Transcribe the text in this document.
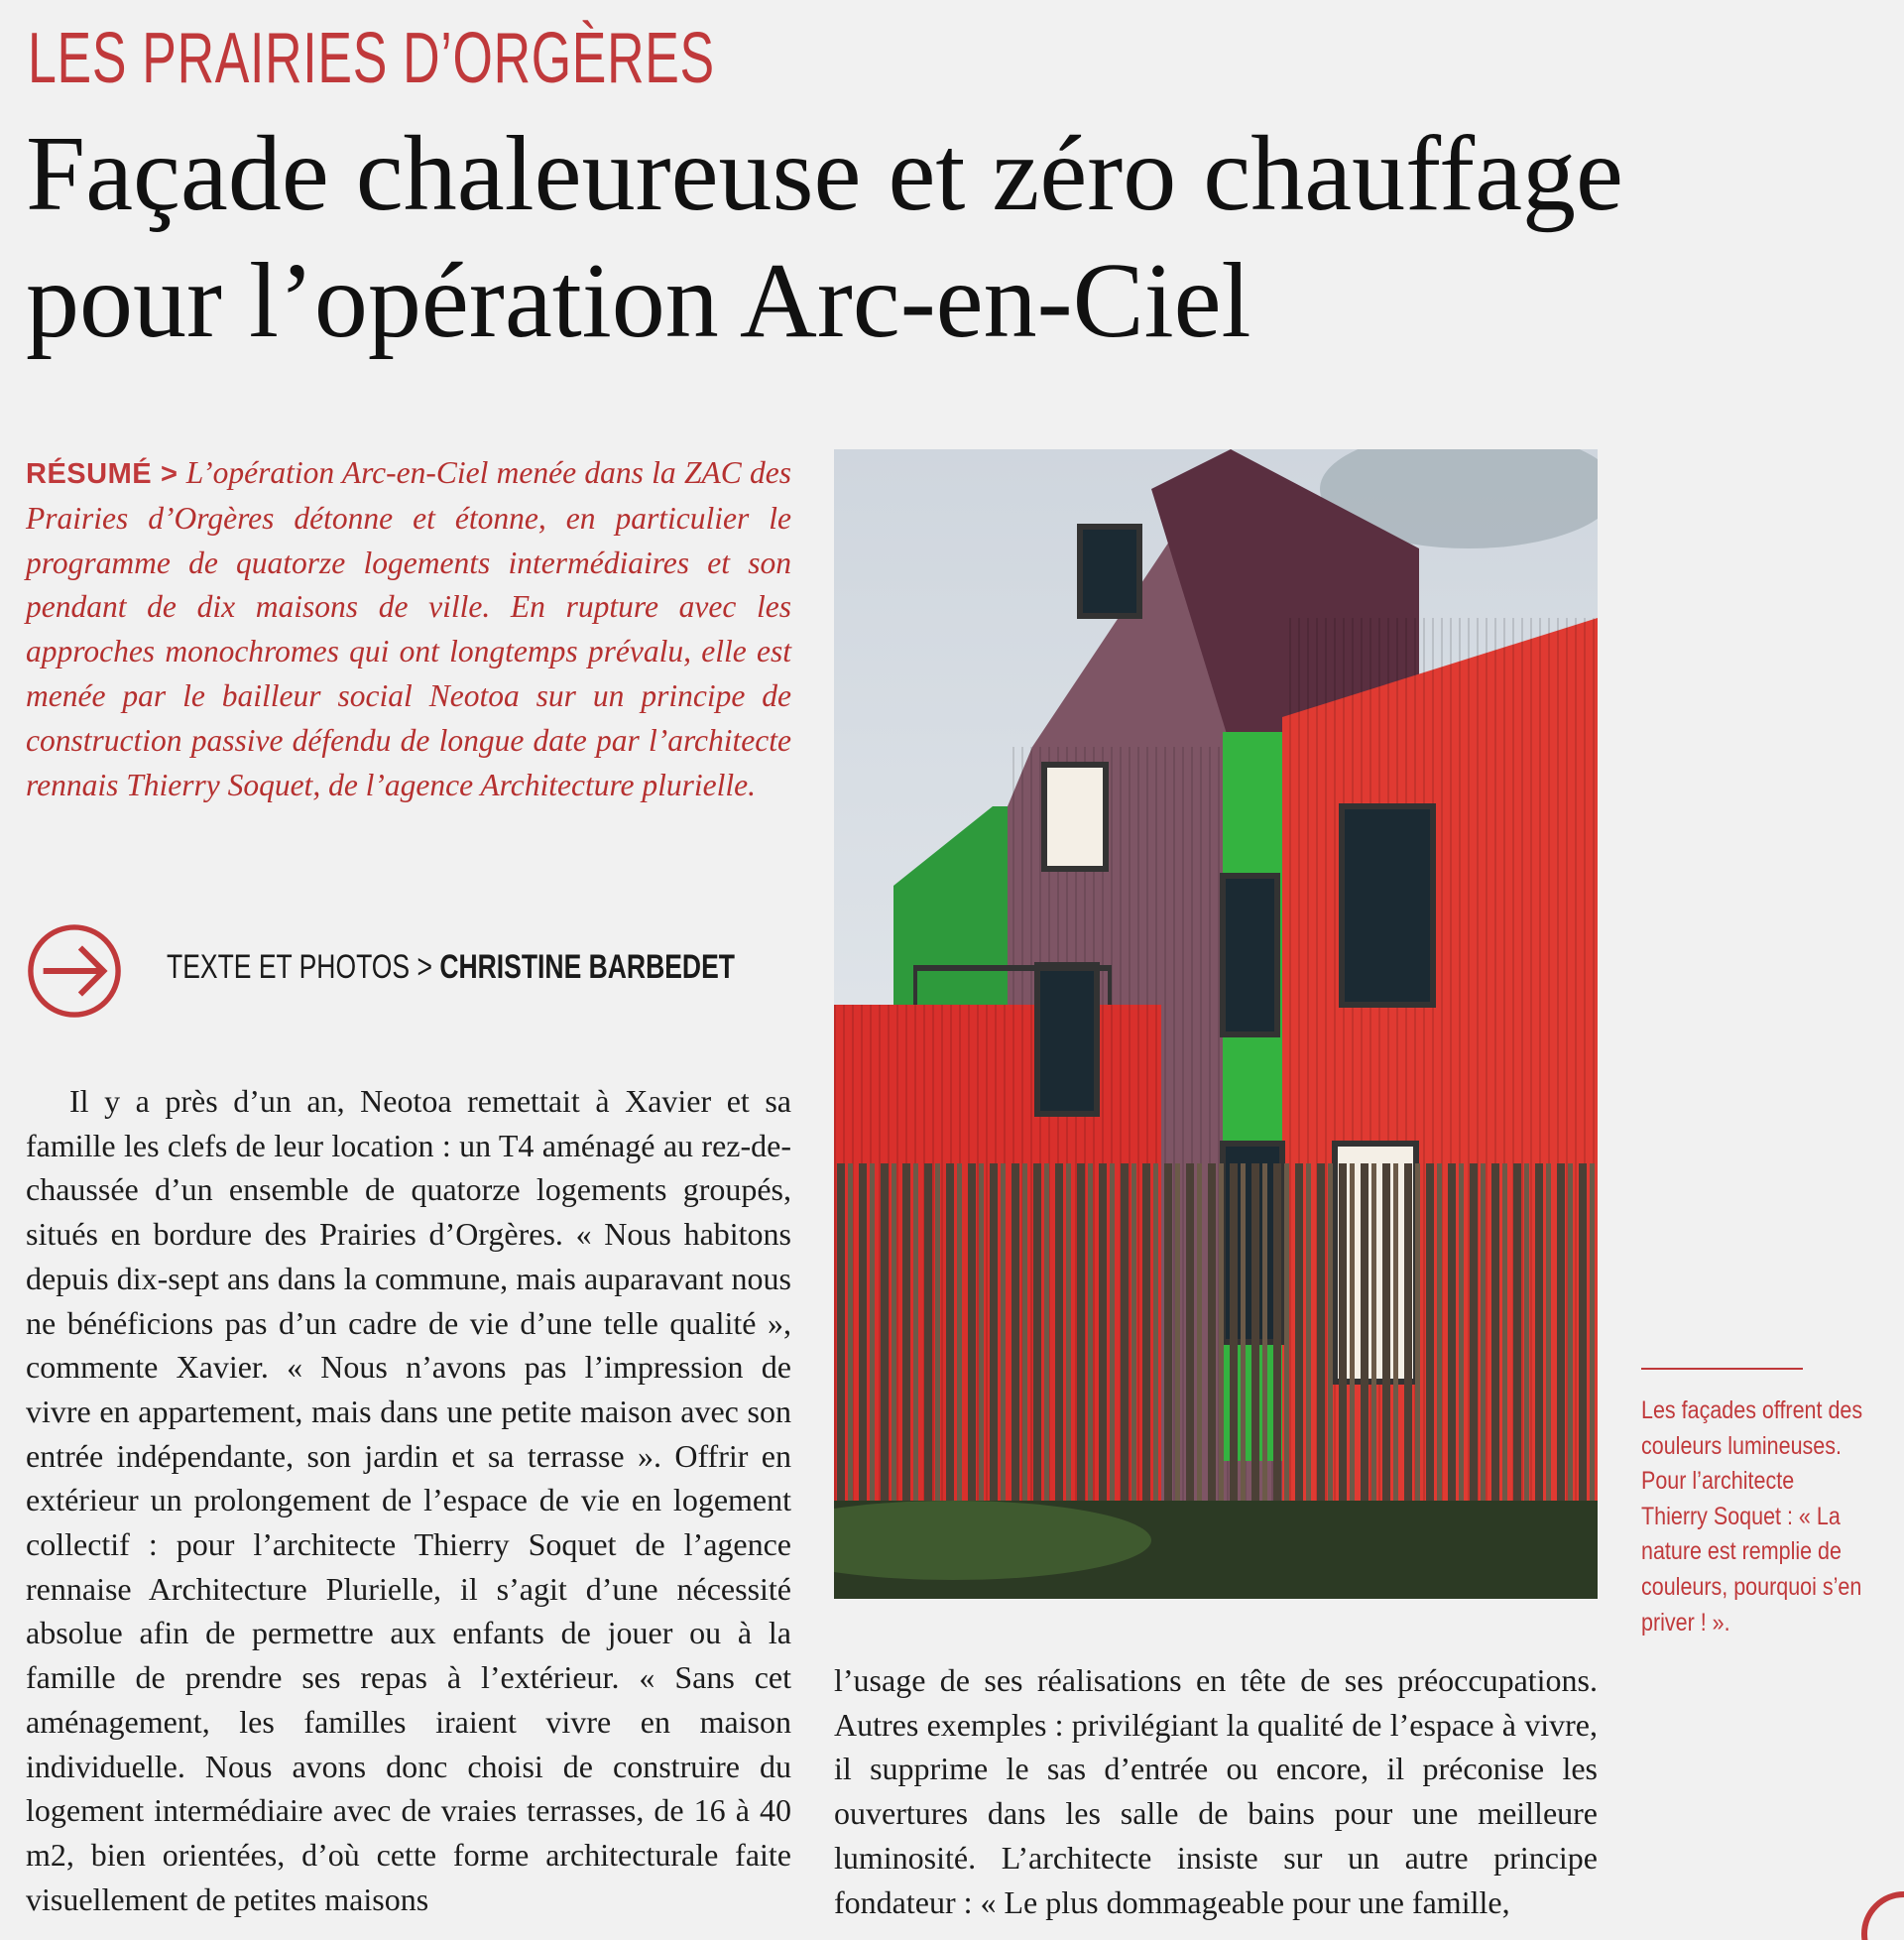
LES PRAIRIES D’ORGÈRES
Façade chaleureuse et zéro chauffage
pour l’opération Arc-en-Ciel

RÉSUMÉ > L’opération Arc-en-Ciel menée dans la ZAC des Prairies d’Orgères détonne et étonne, en particulier le programme de quatorze logements intermédiaires et son pendant de dix maisons de ville. En rupture avec les approches monochromes qui ont longtemps prévalu, elle est menée par le bailleur social Neotoa sur un principe de construction passive défendu de longue date par l’architecte rennais Thierry Soquet, de l’agence Architecture plurielle.

TEXTE ET PHOTOS > CHRISTINE BARBEDET

Il y a près d’un an, Neotoa remettait à Xavier et sa famille les clefs de leur location : un T4 aménagé au rez-de-chaussée d’un ensemble de quatorze logements groupés, situés en bordure des Prairies d’Orgères. « Nous habitons depuis dix-sept ans dans la commune, mais auparavant nous ne bénéficions pas d’un cadre de vie d’une telle qualité », commente Xavier. « Nous n’avons pas l’impression de vivre en appartement, mais dans une petite maison avec son entrée indépendante, son jardin et sa terrasse ». Offrir en extérieur un prolongement de l’espace de vie en logement collectif : pour l’architecte Thierry Soquet de l’agence rennaise Architecture Plurielle, il s’agit d’une nécessité absolue afin de permettre aux enfants de jouer ou à la famille de prendre ses repas à l’extérieur. « Sans cet aménagement, les familles iraient vivre en maison individuelle. Nous avons donc choisi de construire du logement intermédiaire avec de vraies terrasses, de 16 à 40 m2, bien orientées, d’où cette forme architecturale faite visuellement de petites maisons

l’usage de ses réalisations en tête de ses préoccupations. Autres exemples : privilégiant la qualité de l’espace à vivre, il supprime le sas d’entrée ou encore, il préconise les ouvertures dans les salle de bains pour une meilleure luminosité. L’architecte insiste sur un autre principe fondateur : « Le plus dommageable pour une famille,

Les façades offrent des couleurs lumineuses. Pour l’architecte Thierry Soquet : « La nature est remplie de couleurs, pourquoi s’en priver ! ».
